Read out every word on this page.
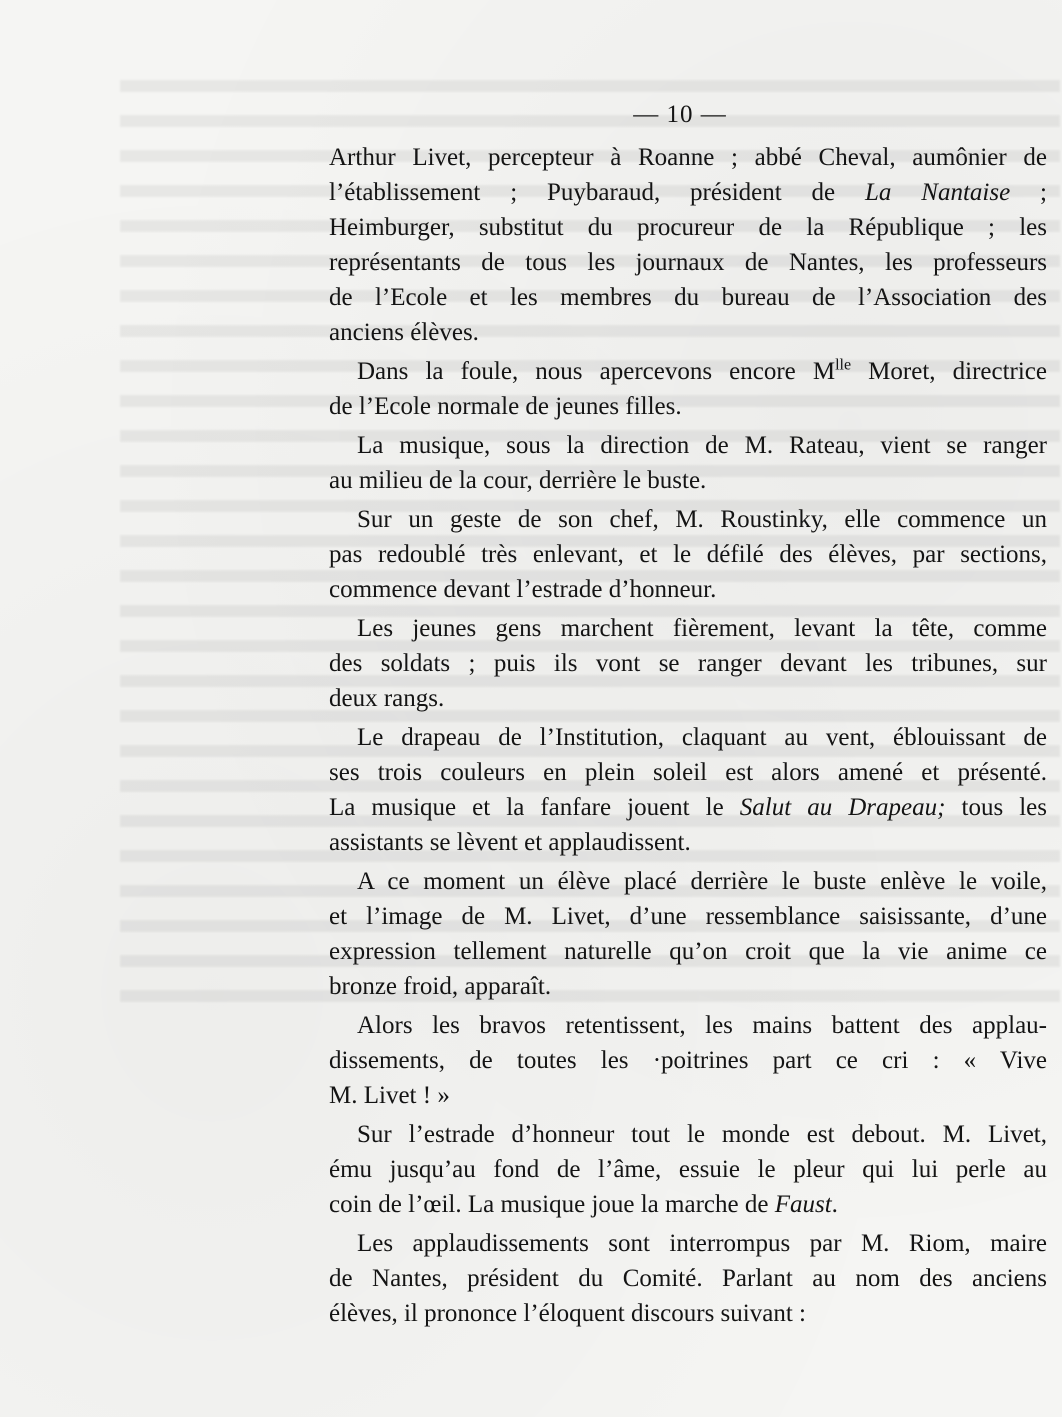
— 10 —

Arthur Livet, percepteur à Roanne ; abbé Cheval, aumônier de
l’établissement ; Puybaraud, président de La Nantaise ;
Heimburger, substitut du procureur de la République ; les
représentants de tous les journaux de Nantes, les professeurs
de l’Ecole et les membres du bureau de l’Association des
anciens élèves.

Dans la foule, nous apercevons encore $M^{lle}$ Moret, directrice
de l’Ecole normale de jeunes filles.

La musique, sous la direction de M. Rateau, vient se ranger
au milieu de la cour, derrière le buste.

Sur un geste de son chef, M. Roustinky, elle commence un
pas redoublé très enlevant, et le défilé des élèves, par sections,
commence devant l’estrade d’honneur.

Les jeunes gens marchent fièrement, levant la tête, comme
des soldats ; puis ils vont se ranger devant les tribunes, sur
deux rangs.

Le drapeau de l’Institution, claquant au vent, éblouissant de
ses trois couleurs en plein soleil est alors amené et présenté.
La musique et la fanfare jouent le Salut au Drapeau; tous les
assistants se lèvent et applaudissent.

A ce moment un élève placé derrière le buste enlève le voile,
et l’image de M. Livet, d’une ressemblance saisissante, d’une
expression tellement naturelle qu’on croit que la vie anime ce
bronze froid, apparaît.

Alors les bravos retentissent, les mains battent des applau-
dissements, de toutes les ·poitrines part ce cri : « Vive
M. Livet ! »

Sur l’estrade d’honneur tout le monde est debout. M. Livet,
ému jusqu’au fond de l’âme, essuie le pleur qui lui perle au
coin de l’œil. La musique joue la marche de Faust.

Les applaudissements sont interrompus par M. Riom, maire
de Nantes, président du Comité. Parlant au nom des anciens
élèves, il prononce l’éloquent discours suivant :
